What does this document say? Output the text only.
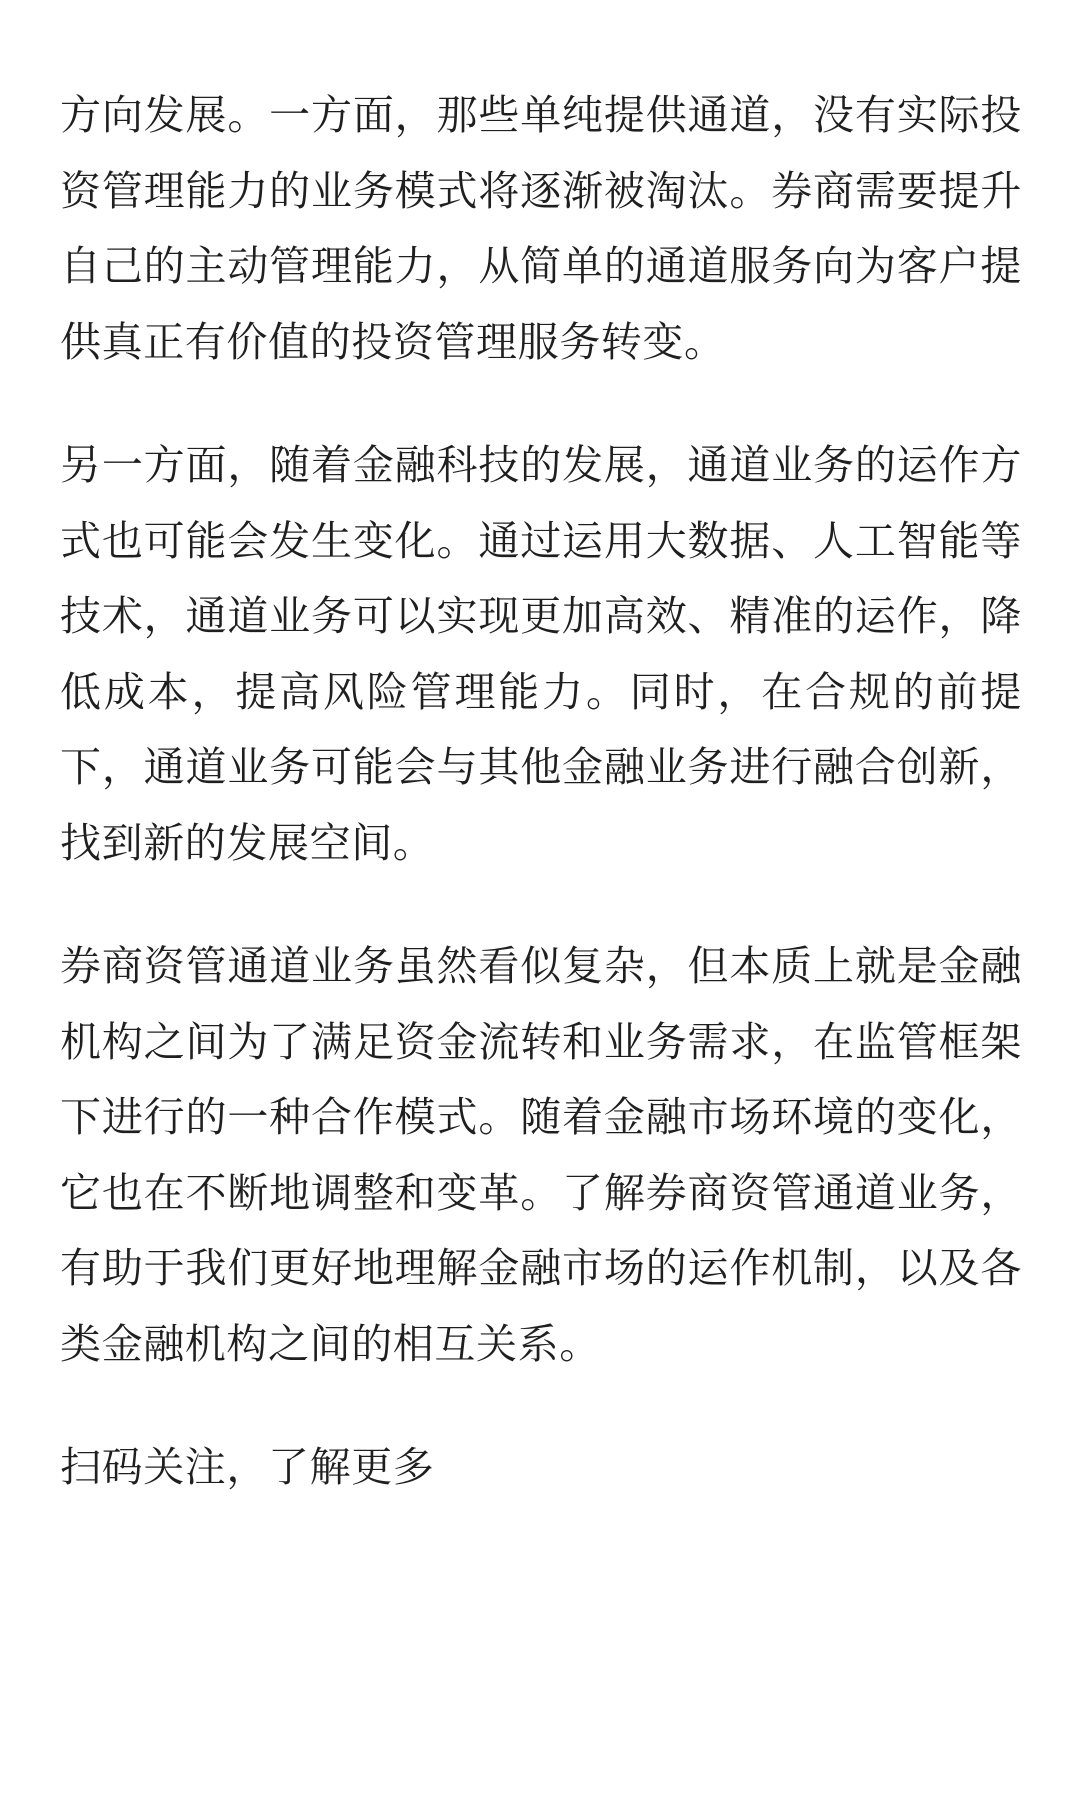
方向发展。一方面，那些单纯提供通道，没有实际投资管理能力的业务模式将逐渐被淘汰。券商需要提升自己的主动管理能力，从简单的通道服务向为客户提供真正有价值的投资管理服务转变。

另一方面，随着金融科技的发展，通道业务的运作方式也可能会发生变化。通过运用大数据、人工智能等技术，通道业务可以实现更加高效、精准的运作，降低成本，提高风险管理能力。同时，在合规的前提下，通道业务可能会与其他金融业务进行融合创新，找到新的发展空间。

券商资管通道业务虽然看似复杂，但本质上就是金融机构之间为了满足资金流转和业务需求，在监管框架下进行的一种合作模式。随着金融市场环境的变化，它也在不断地调整和变革。了解券商资管通道业务，有助于我们更好地理解金融市场的运作机制，以及各类金融机构之间的相互关系。

扫码关注，了解更多
